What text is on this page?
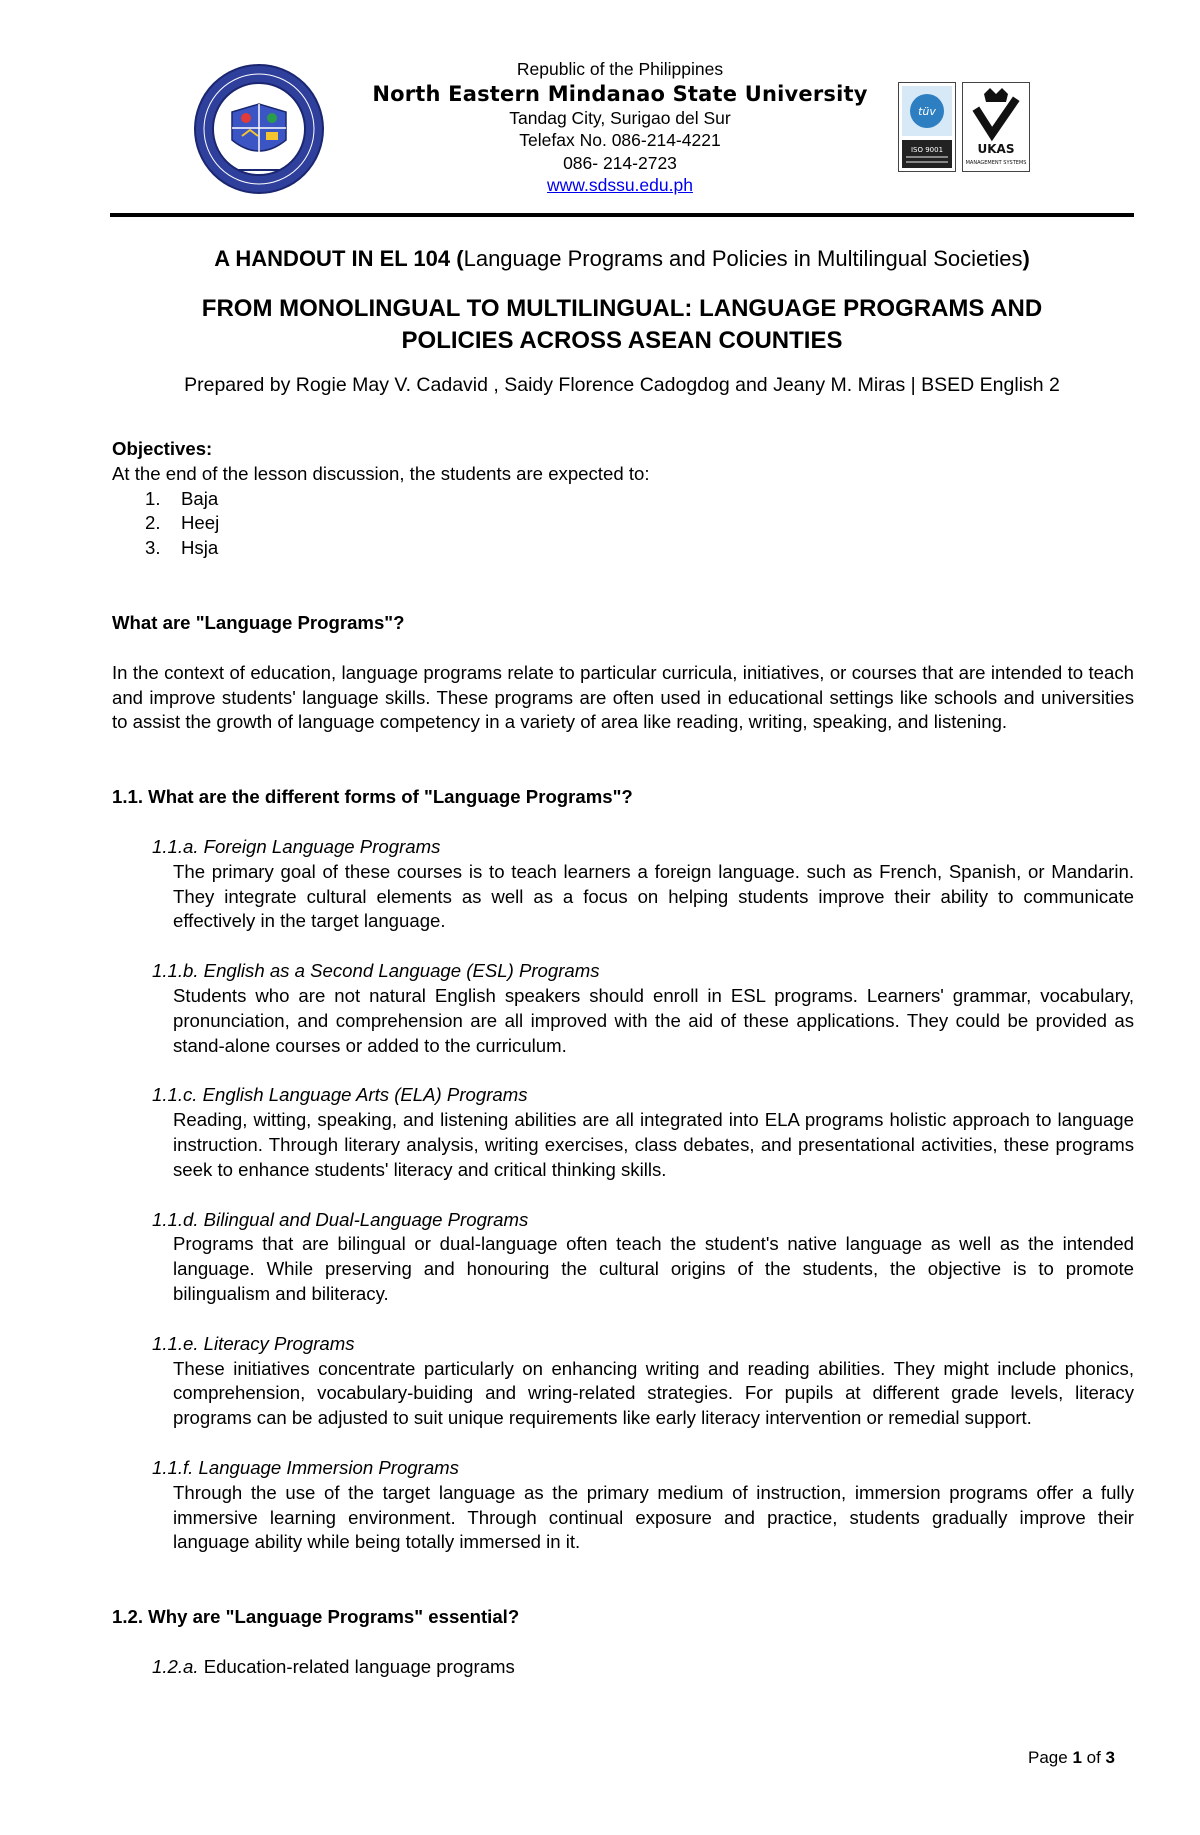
Republic of the Philippines
North Eastern Mindanao State University
Tandag City, Surigao del Sur
Telefax No. 086-214-4221
086- 214-2723
www.sdssu.edu.ph
tüv
ISO 9001	UKAS
MANAGEMENT SYSTEMS
A HANDOUT IN EL 104 (Language Programs and Policies in Multilingual Societies)
FROM MONOLINGUAL TO MULTILINGUAL: LANGUAGE PROGRAMS AND
POLICIES ACROSS ASEAN COUNTIES
Prepared by Rogie May V. Cadavid , Saidy Florence Cadogdog and Jeany M. Miras | BSED English 2
Objectives:
At the end of the lesson discussion, the students are expected to:
1. Baja
2. Heej
3. Hsja
What are "Language Programs"?
In the context of education, language programs relate to particular curricula, initiatives, or courses that are intended to teach and improve students' language skills. These programs are often used in educational settings like schools and universities to assist the growth of language competency in a variety of area like reading, writing, speaking, and listening.
1.1. What are the different forms of "Language Programs"?
1.1.a. Foreign Language Programs
The primary goal of these courses is to teach learners a foreign language. such as French, Spanish, or Mandarin. They integrate cultural elements as well as a focus on helping students improve their ability to communicate effectively in the target language.
1.1.b. English as a Second Language (ESL) Programs
Students who are not natural English speakers should enroll in ESL programs. Learners' grammar, vocabulary, pronunciation, and comprehension are all improved with the aid of these applications. They could be provided as stand-alone courses or added to the curriculum.
1.1.c. English Language Arts (ELA) Programs
Reading, witting, speaking, and listening abilities are all integrated into ELA programs holistic approach to language instruction. Through literary analysis, writing exercises, class debates, and presentational activities, these programs seek to enhance students' literacy and critical thinking skills.
1.1.d. Bilingual and Dual-Language Programs
Programs that are bilingual or dual-language often teach the student's native language as well as the intended language. While preserving and honouring the cultural origins of the students, the objective is to promote bilingualism and biliteracy.
1.1.e. Literacy Programs
These initiatives concentrate particularly on enhancing writing and reading abilities. They might include phonics, comprehension, vocabulary-buiding and wring-related strategies. For pupils at different grade levels, literacy programs can be adjusted to suit unique requirements like early literacy intervention or remedial support.
1.1.f. Language Immersion Programs
Through the use of the target language as the primary medium of instruction, immersion programs offer a fully immersive learning environment. Through continual exposure and practice, students gradually improve their language ability while being totally immersed in it.
1.2. Why are "Language Programs" essential?
1.2.a. Education-related language programs
Page 1 of 3
